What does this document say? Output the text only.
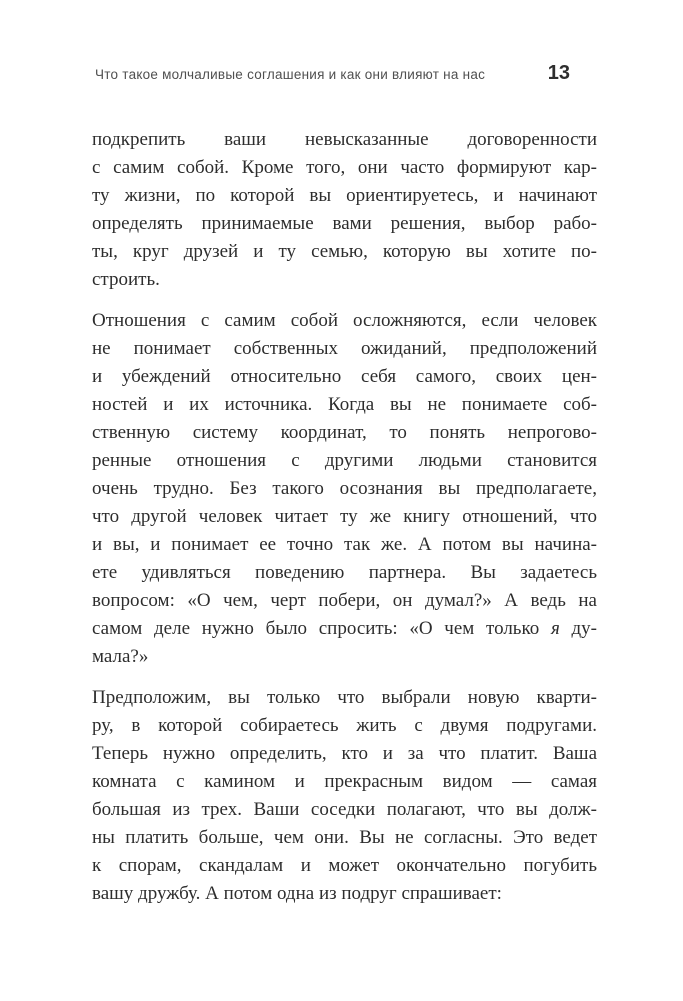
Что такое молчаливые соглашения и как они влияют на нас	13
подкрепить ваши невысказанные договоренности
с самим собой. Кроме того, они часто формируют кар-
ту жизни, по которой вы ориентируетесь, и начинают
определять принимаемые вами решения, выбор рабо-
ты, круг друзей и ту семью, которую вы хотите по-
строить.
Отношения с самим собой осложняются, если человек
не понимает собственных ожиданий, предположений
и убеждений относительно себя самого, своих цен-
ностей и их источника. Когда вы не понимаете соб-
ственную систему координат, то понять непрогово-
ренные отношения с другими людьми становится
очень трудно. Без такого осознания вы предполагаете,
что другой человек читает ту же книгу отношений, что
и вы, и понимает ее точно так же. А потом вы начина-
ете удивляться поведению партнера. Вы задаетесь
вопросом: «О чем, черт побери, он думал?» А ведь на
самом деле нужно было спросить: «О чем только я ду-
мала?»
Предположим, вы только что выбрали новую кварти-
ру, в которой собираетесь жить с двумя подругами.
Теперь нужно определить, кто и за что платит. Ваша
комната с камином и прекрасным видом — самая
большая из трех. Ваши соседки полагают, что вы долж-
ны платить больше, чем они. Вы не согласны. Это ведет
к спорам, скандалам и может окончательно погубить
вашу дружбу. А потом одна из подруг спрашивает:
